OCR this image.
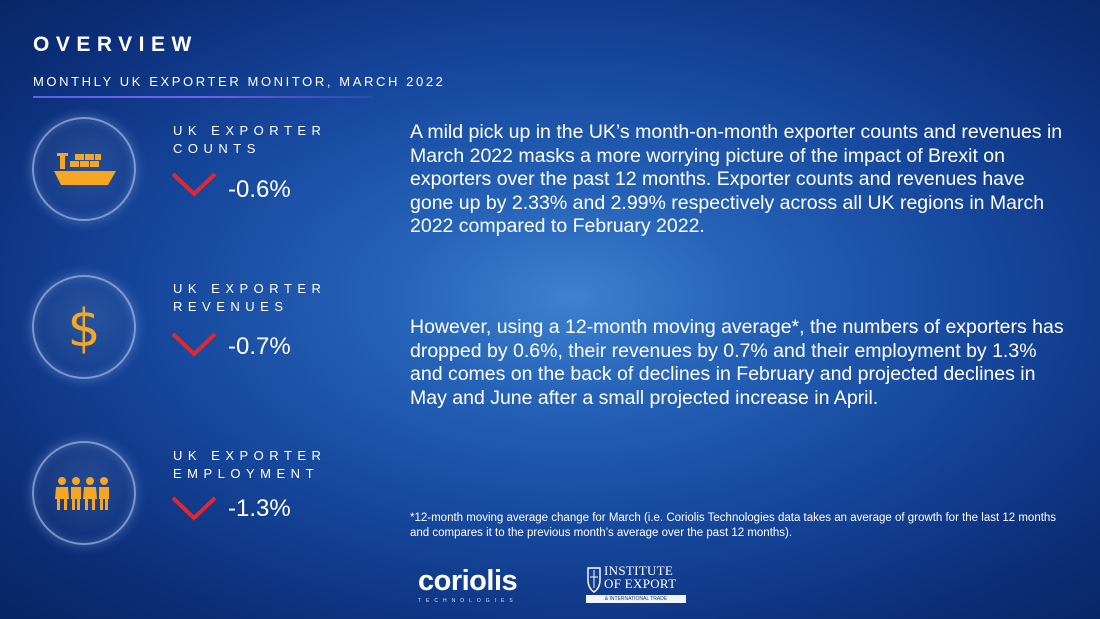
OVERVIEW

MONTHLY UK EXPORTER MONITOR, MARCH 2022

UK EXPORTER
COUNTS

-0.6%
$

UK EXPORTER
REVENUES

-0.7%

UK EXPORTER
EMPLOYMENT

-1.3%

A mild pick up in the UK’s month-on-month exporter counts and revenues in March 2022 masks a more worrying picture of the impact of Brexit on exporters over the past 12 months. Exporter counts and revenues have gone up by 2.33% and 2.99% respectively across all UK regions in March 2022 compared to February 2022.

However, using a 12-month moving average*, the numbers of exporters has dropped by 0.6%, their revenues by 0.7% and their employment by 1.3% and comes on the back of declines in February and projected declines in May and June after a small projected increase in April.

*12-month moving average change for March (i.e. Coriolis Technologies data takes an average of growth for the last 12 months and compares it to the previous month’s average over the past 12 months).

coriolis
TECHNOLOGIES
INSTITUTE
OF EXPORT
& INTERNATIONAL TRADE
